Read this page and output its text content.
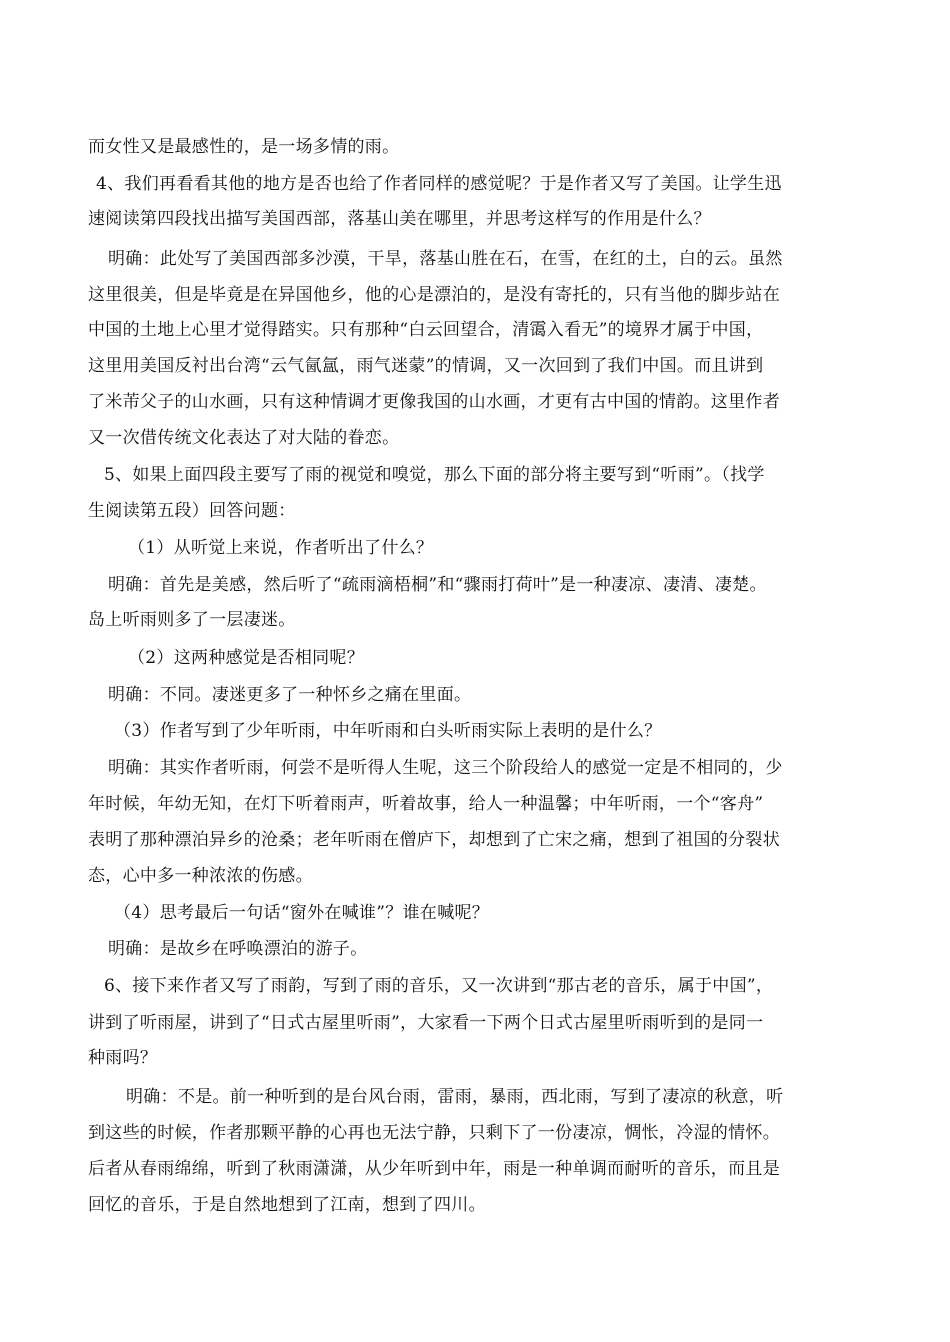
而女性又是最感性的，是一场多情的雨。
4、我们再看看其他的地方是否也给了作者同样的感觉呢？于是作者又写了美国。让学生迅
速阅读第四段找出描写美国西部，落基山美在哪里，并思考这样写的作用是什么？
明确：此处写了美国西部多沙漠，干旱，落基山胜在石，在雪，在红的土，白的云。虽然
这里很美，但是毕竟是在异国他乡，他的心是漂泊的，是没有寄托的，只有当他的脚步站在
中国的土地上心里才觉得踏实。只有那种“白云回望合，清霭入看无”的境界才属于中国，
这里用美国反衬出台湾“云气氤氲，雨气迷蒙”的情调，又一次回到了我们中国。而且讲到
了米芾父子的山水画，只有这种情调才更像我国的山水画，才更有古中国的情韵。这里作者
又一次借传统文化表达了对大陆的眷恋。
5、如果上面四段主要写了雨的视觉和嗅觉，那么下面的部分将主要写到“听雨”。（找学
生阅读第五段）回答问题：
（1）从听觉上来说，作者听出了什么？
明确：首先是美感，然后听了“疏雨滴梧桐”和“骤雨打荷叶”是一种凄凉、凄清、凄楚。
岛上听雨则多了一层凄迷。
（2）这两种感觉是否相同呢？
明确：不同。凄迷更多了一种怀乡之痛在里面。
（3）作者写到了少年听雨，中年听雨和白头听雨实际上表明的是什么？
明确：其实作者听雨，何尝不是听得人生呢，这三个阶段给人的感觉一定是不相同的，少
年时候，年幼无知，在灯下听着雨声，听着故事，给人一种温馨；中年听雨，一个“客舟”
表明了那种漂泊异乡的沧桑；老年听雨在僧庐下，却想到了亡宋之痛，想到了祖国的分裂状
态，心中多一种浓浓的伤感。
（4）思考最后一句话“窗外在喊谁”？谁在喊呢？
明确：是故乡在呼唤漂泊的游子。
6、接下来作者又写了雨韵，写到了雨的音乐，又一次讲到“那古老的音乐，属于中国”，
讲到了听雨屋，讲到了“日式古屋里听雨”，大家看一下两个日式古屋里听雨听到的是同一
种雨吗？
明确：不是。前一种听到的是台风台雨，雷雨，暴雨，西北雨，写到了凄凉的秋意，听
到这些的时候，作者那颗平静的心再也无法宁静，只剩下了一份凄凉，惆怅，冷湿的情怀。
后者从春雨绵绵，听到了秋雨潇潇，从少年听到中年，雨是一种单调而耐听的音乐，而且是
回忆的音乐，于是自然地想到了江南，想到了四川。
